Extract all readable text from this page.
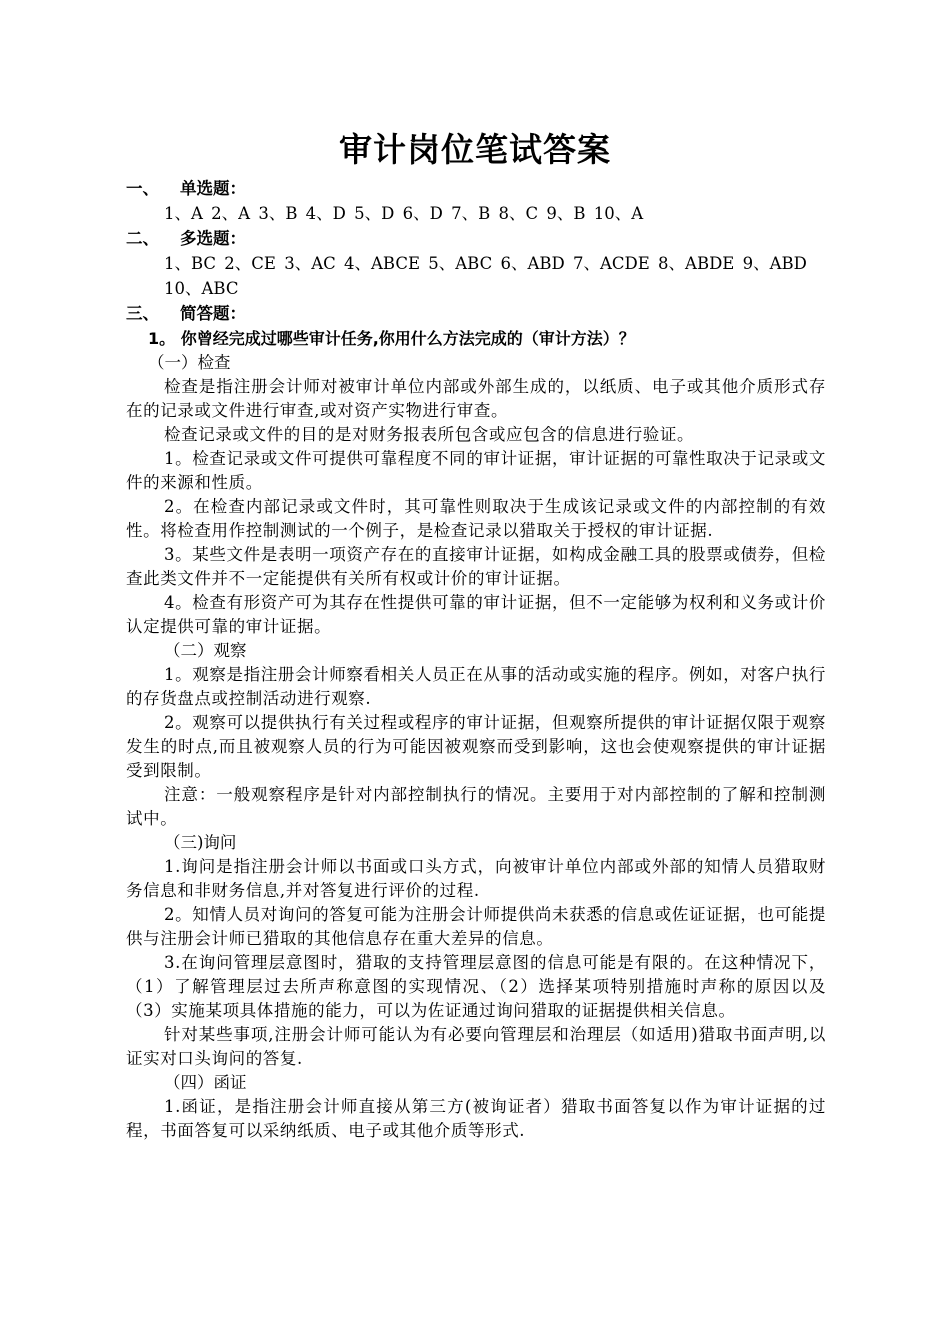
审计岗位笔试答案
一、 单选题：
1、A 2、A 3、B 4、D 5、D 6、D 7、B 8、C 9、B 10、A
二、 多选题：
1、BC 2、CE 3、AC 4、ABCE 5、ABC 6、ABD 7、ACDE 8、ABDE 9、ABD
10、ABC
三、 简答题：
1。 你曾经完成过哪些审计任务,你用什么方法完成的（审计方法）？
（一）检查

检查是指注册会计师对被审计单位内部或外部生成的，以纸质、电子或其他介质形式存在的记录或文件进行审查,或对资产实物进行审查。

检查记录或文件的目的是对财务报表所包含或应包含的信息进行验证。

1。检查记录或文件可提供可靠程度不同的审计证据，审计证据的可靠性取决于记录或文件的来源和性质。

2。在检查内部记录或文件时，其可靠性则取决于生成该记录或文件的内部控制的有效性。将检查用作控制测试的一个例子，是检查记录以猎取关于授权的审计证据.

3。某些文件是表明一项资产存在的直接审计证据，如构成金融工具的股票或债券，但检查此类文件并不一定能提供有关所有权或计价的审计证据。

4。检查有形资产可为其存在性提供可靠的审计证据，但不一定能够为权利和义务或计价认定提供可靠的审计证据。

（二）观察

1。观察是指注册会计师察看相关人员正在从事的活动或实施的程序。例如，对客户执行的存货盘点或控制活动进行观察.

2。观察可以提供执行有关过程或程序的审计证据，但观察所提供的审计证据仅限于观察发生的时点,而且被观察人员的行为可能因被观察而受到影响，这也会使观察提供的审计证据受到限制。

注意：一般观察程序是针对内部控制执行的情况。主要用于对内部控制的了解和控制测试中。

（三)询问

1.询问是指注册会计师以书面或口头方式，向被审计单位内部或外部的知情人员猎取财务信息和非财务信息,并对答复进行评价的过程.

2。知情人员对询问的答复可能为注册会计师提供尚未获悉的信息或佐证证据，也可能提供与注册会计师已猎取的其他信息存在重大差异的信息。

3.在询问管理层意图时，猎取的支持管理层意图的信息可能是有限的。在这种情况下，（1）了解管理层过去所声称意图的实现情况、（2）选择某项特别措施时声称的原因以及（3）实施某项具体措施的能力，可以为佐证通过询问猎取的证据提供相关信息。

针对某些事项,注册会计师可能认为有必要向管理层和治理层（如适用)猎取书面声明,以证实对口头询问的答复.

（四）函证

1.函证，是指注册会计师直接从第三方(被询证者）猎取书面答复以作为审计证据的过程，书面答复可以采纳纸质、电子或其他介质等形式.
